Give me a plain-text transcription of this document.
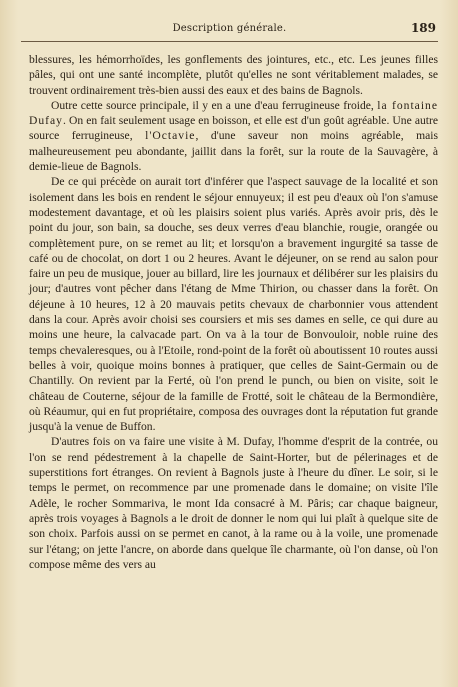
Description générale.	189

blessures, les hémorrhoïdes, les gonflements des jointures, etc., etc. Les jeunes filles pâles, qui ont une santé incomplète, plutôt qu'elles ne sont véritablement malades, se trouvent ordinairement très-bien aussi des eaux et des bains de Bagnols.

Outre cette source principale, il y en a une d'eau ferrugineuse froide, la fontaine Dufay. On en fait seulement usage en boisson, et elle est d'un goût agréable. Une autre source ferrugineuse, l'Octavie, d'une saveur non moins agréable, mais malheureusement peu abondante, jaillit dans la forêt, sur la route de la Sauvagère, à demie-lieue de Bagnols.

De ce qui précède on aurait tort d'inférer que l'aspect sauvage de la localité et son isolement dans les bois en rendent le séjour ennuyeux; il est peu d'eaux où l'on s'amuse modestement davantage, et où les plaisirs soient plus variés. Après avoir pris, dès le point du jour, son bain, sa douche, ses deux verres d'eau blanchie, rougie, orangée ou complètement pure, on se remet au lit; et lorsqu'on a bravement ingurgité sa tasse de café ou de chocolat, on dort 1 ou 2 heures. Avant le déjeuner, on se rend au salon pour faire un peu de musique, jouer au billard, lire les journaux et délibérer sur les plaisirs du jour; d'autres vont pêcher dans l'étang de Mme Thirion, ou chasser dans la forêt. On déjeune à 10 heures, 12 à 20 mauvais petits chevaux de charbonnier vous attendent dans la cour. Après avoir choisi ses coursiers et mis ses dames en selle, ce qui dure au moins une heure, la calvacade part. On va à la tour de Bonvouloir, noble ruine des temps chevaleresques, ou à l'Etoile, rond-point de la forêt où aboutissent 10 routes aussi belles à voir, quoique moins bonnes à pratiquer, que celles de Saint-Germain ou de Chantilly. On revient par la Ferté, où l'on prend le punch, ou bien on visite, soit le château de Couterne, séjour de la famille de Frotté, soit le château de la Bermondière, où Réaumur, qui en fut propriétaire, composa des ouvrages dont la réputation fut grande jusqu'à la venue de Buffon.

D'autres fois on va faire une visite à M. Dufay, l'homme d'esprit de la contrée, ou l'on se rend pédestrement à la chapelle de Saint-Horter, but de pélerinages et de superstitions fort étranges. On revient à Bagnols juste à l'heure du dîner. Le soir, si le temps le permet, on recommence par une promenade dans le domaine; on visite l'île Adèle, le rocher Sommariva, le mont Ida consacré à M. Pâris; car chaque baigneur, après trois voyages à Bagnols a le droit de donner le nom qui lui plaît à quelque site de son choix. Parfois aussi on se permet en canot, à la rame ou à la voile, une promenade sur l'étang; on jette l'ancre, on aborde dans quelque île charmante, où l'on danse, où l'on compose même des vers au
